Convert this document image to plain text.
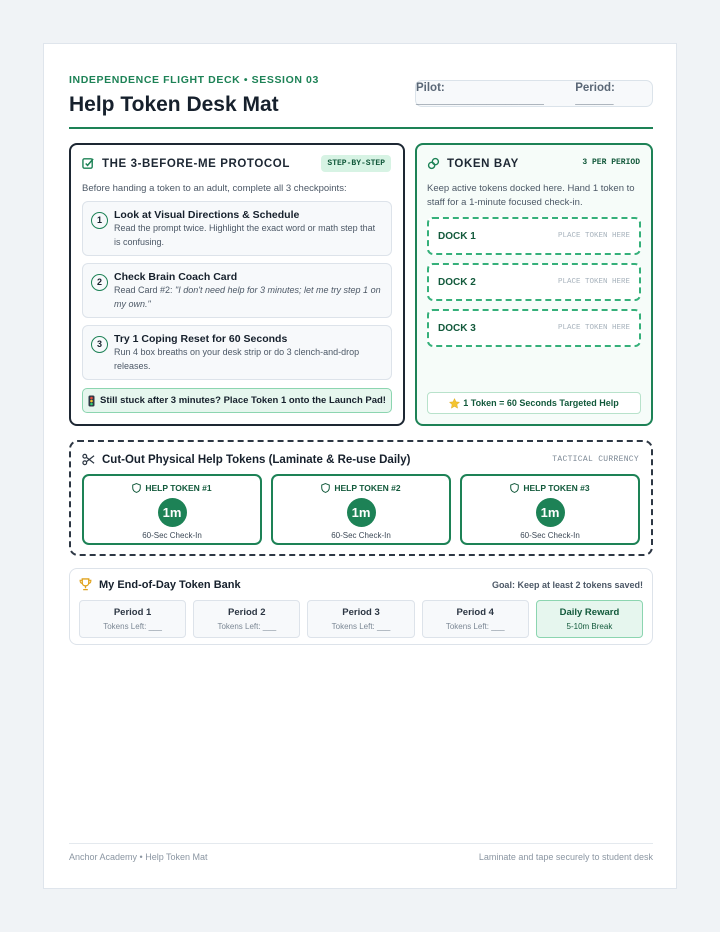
INDEPENDENCE FLIGHT DECK • SESSION 03
Help Token Desk Mat
Pilot: ____________________
Period: ______
THE 3-BEFORE-ME PROTOCOL	STEP-BY-STEP
Before handing a token to an adult, complete all 3 checkpoints:
1	Look at Visual Directions & Schedule
Read the prompt twice. Highlight the exact word or math step that is confusing.
2	Check Brain Coach Card
Read Card #2: "I don't need help for 3 minutes; let me try step 1 on my own."
3	Try 1 Coping Reset for 60 Seconds
Run 4 box breaths on your desk strip or do 3 clench-and-drop releases.
Still stuck after 3 minutes? Place Token 1 onto the Launch Pad!
TOKEN BAY	3 PER PERIOD
Keep active tokens docked here. Hand 1 token to staff for a 1-minute focused check-in.
DOCK 1	PLACE TOKEN HERE
DOCK 2	PLACE TOKEN HERE
DOCK 3	PLACE TOKEN HERE
1 Token = 60 Seconds Targeted Help
Cut-Out Physical Help Tokens (Laminate & Re-use Daily)	TACTICAL CURRENCY
HELP TOKEN #1
1m
60-Sec Check-In
HELP TOKEN #2
1m
60-Sec Check-In
HELP TOKEN #3
1m
60-Sec Check-In
My End-of-Day Token Bank	Goal: Keep at least 2 tokens saved!
Period 1
Tokens Left: ___
Period 2
Tokens Left: ___
Period 3
Tokens Left: ___
Period 4
Tokens Left: ___
Daily Reward
5-10m Break
Anchor Academy • Help Token Mat	Laminate and tape securely to student desk
